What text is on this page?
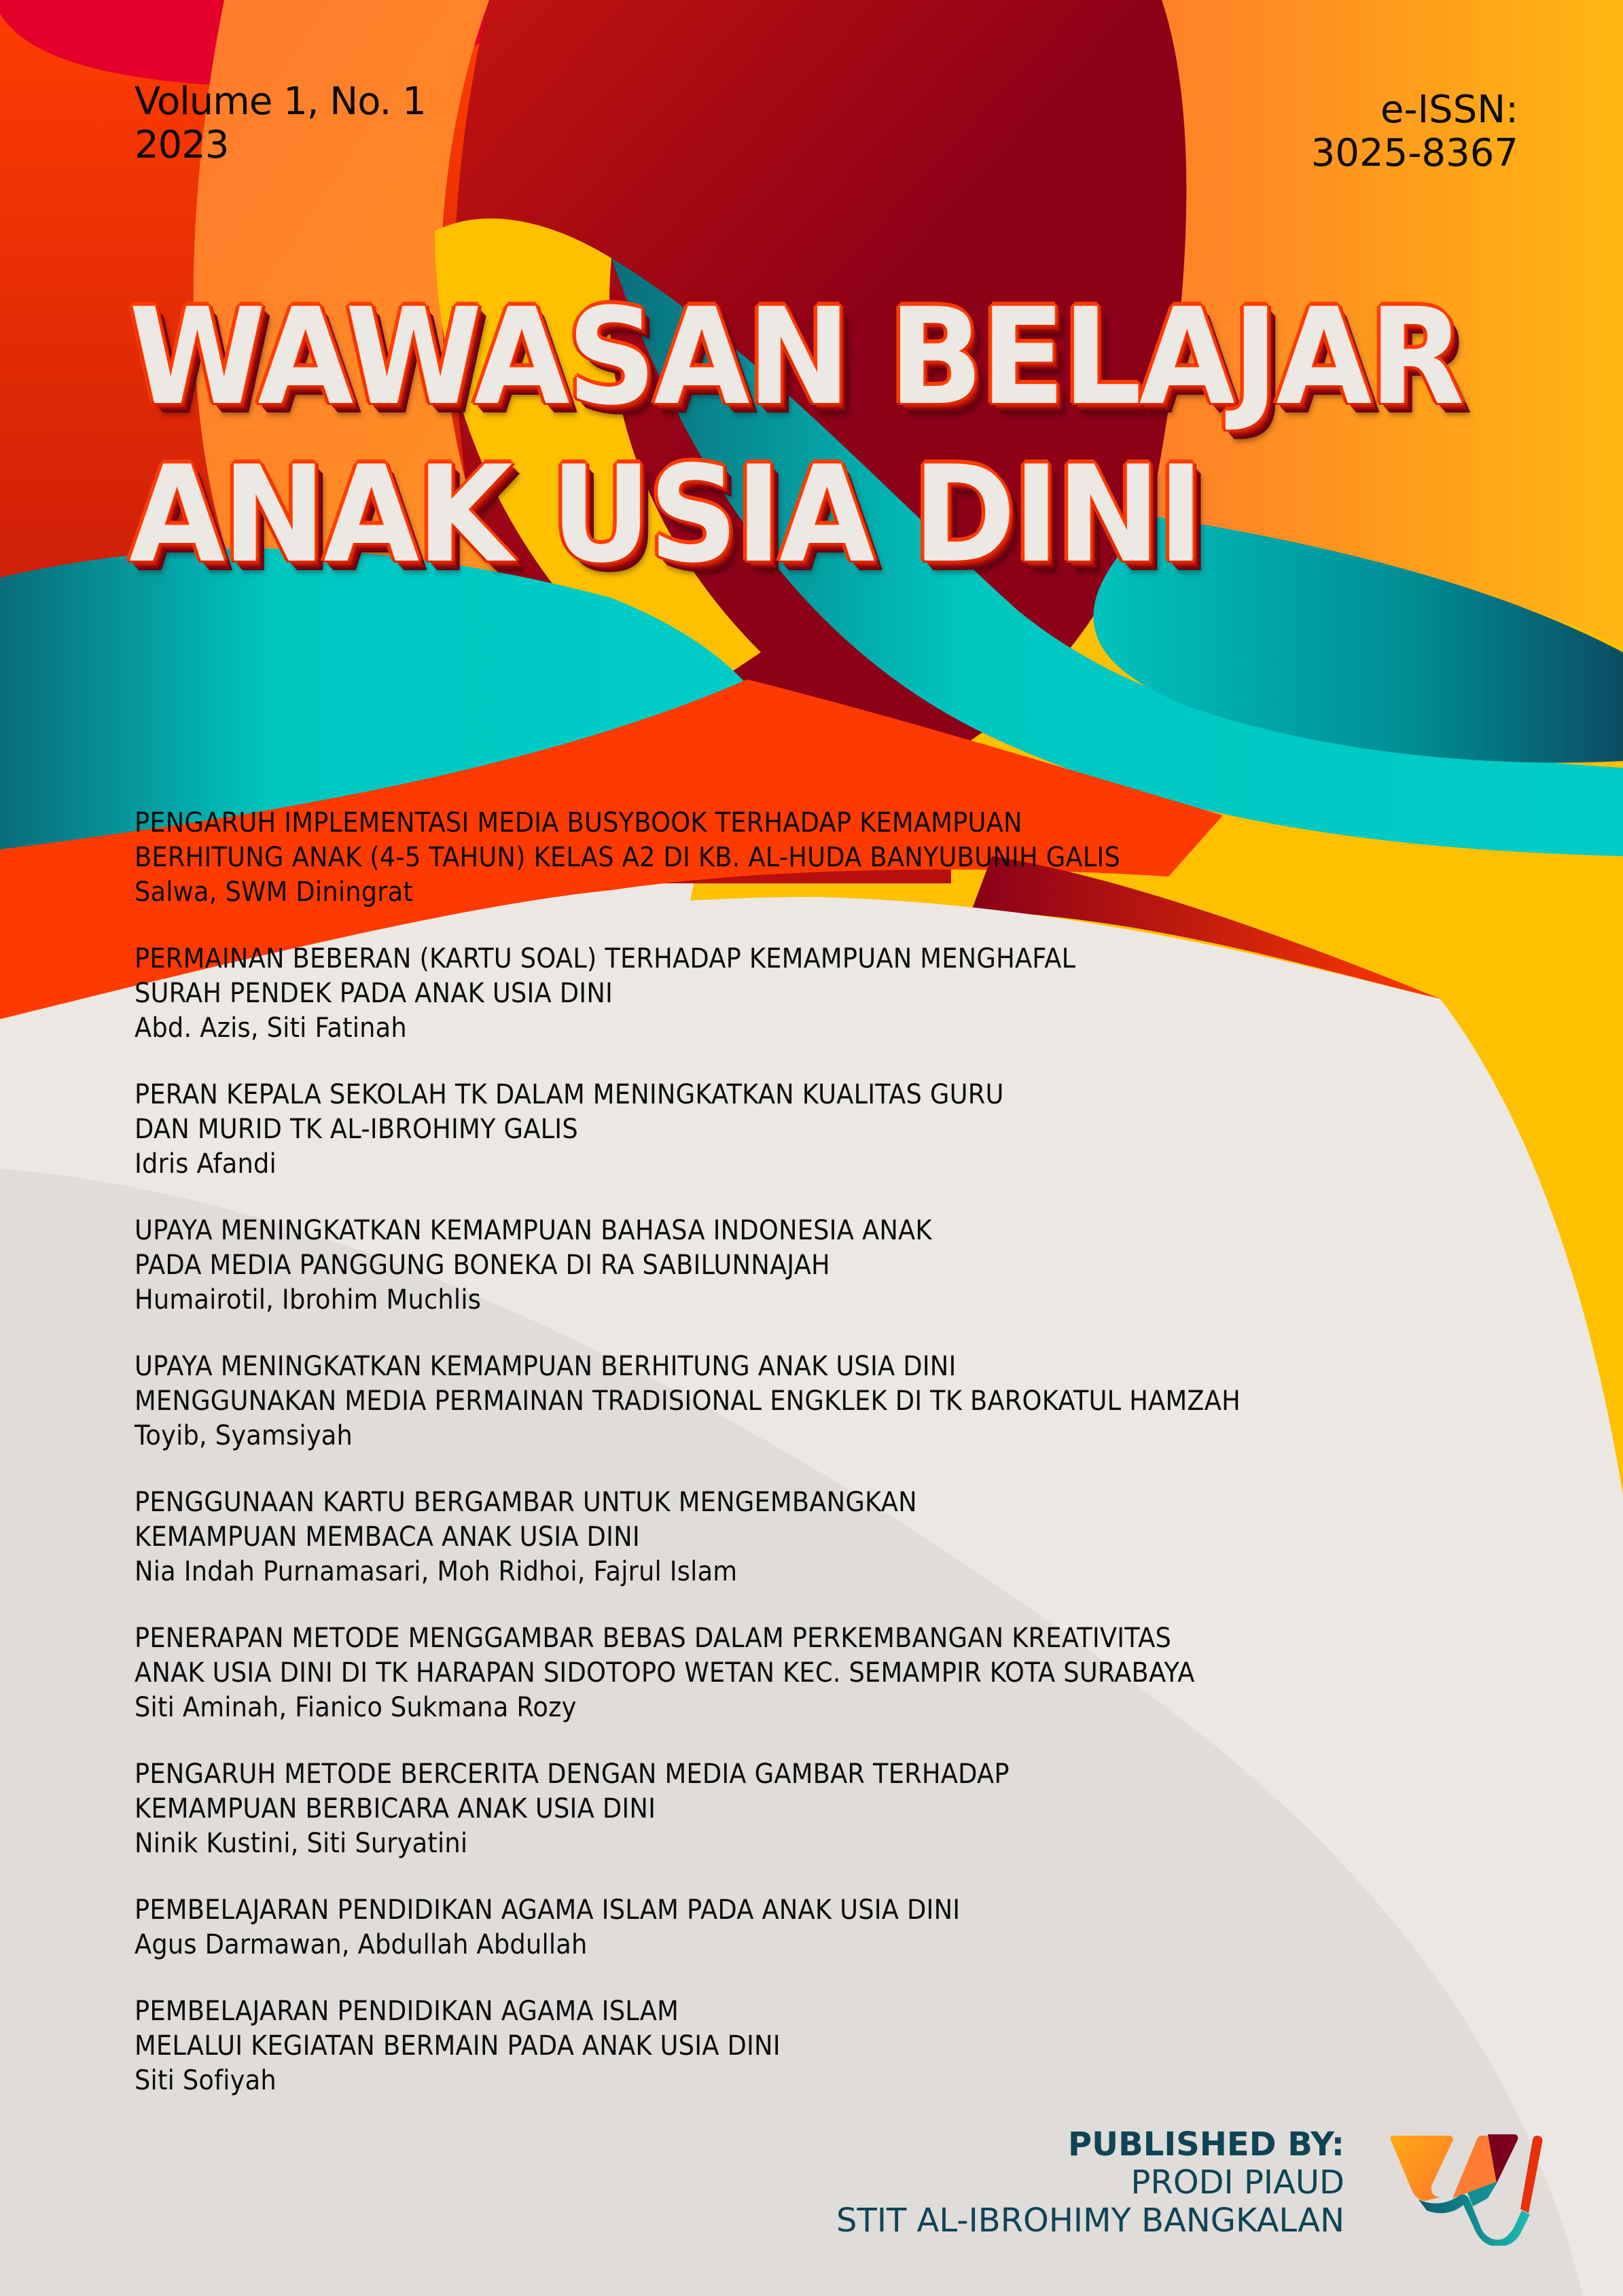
Volume 1, No. 1
2023
e-ISSN:
3025-8367
WAWASAN BELAJAR
ANAK USIA DINI
PENGARUH IMPLEMENTASI MEDIA BUSYBOOK TERHADAP KEMAMPUAN
BERHITUNG ANAK (4-5 TAHUN) KELAS A2 DI KB. AL-HUDA BANYUBUNIH GALIS
Salwa, SWM Diningrat
PERMAINAN BEBERAN (KARTU SOAL) TERHADAP KEMAMPUAN MENGHAFAL
SURAH PENDEK PADA ANAK USIA DINI
Abd. Azis, Siti Fatinah
PERAN KEPALA SEKOLAH TK DALAM MENINGKATKAN KUALITAS GURU
DAN MURID TK AL-IBROHIMY GALIS
Idris Afandi
UPAYA MENINGKATKAN KEMAMPUAN BAHASA INDONESIA ANAK
PADA MEDIA PANGGUNG BONEKA DI RA SABILUNNAJAH
Humairotil, Ibrohim Muchlis
UPAYA MENINGKATKAN KEMAMPUAN BERHITUNG ANAK USIA DINI
MENGGUNAKAN MEDIA PERMAINAN TRADISIONAL ENGKLEK DI TK BAROKATUL HAMZAH
Toyib, Syamsiyah
PENGGUNAAN KARTU BERGAMBAR UNTUK MENGEMBANGKAN
KEMAMPUAN MEMBACA ANAK USIA DINI
Nia Indah Purnamasari, Moh Ridhoi, Fajrul Islam
PENERAPAN METODE MENGGAMBAR BEBAS DALAM PERKEMBANGAN KREATIVITAS
ANAK USIA DINI DI TK HARAPAN SIDOTOPO WETAN KEC. SEMAMPIR KOTA SURABAYA
Siti Aminah, Fianico Sukmana Rozy
PENGARUH METODE BERCERITA DENGAN MEDIA GAMBAR TERHADAP
KEMAMPUAN BERBICARA ANAK USIA DINI
Ninik Kustini, Siti Suryatini
PEMBELAJARAN PENDIDIKAN AGAMA ISLAM PADA ANAK USIA DINI
Agus Darmawan, Abdullah Abdullah
PEMBELAJARAN PENDIDIKAN AGAMA ISLAM
MELALUI KEGIATAN BERMAIN PADA ANAK USIA DINI
Siti Sofiyah
PUBLISHED BY:
PRODI PIAUD
STIT AL-IBROHIMY BANGKALAN
